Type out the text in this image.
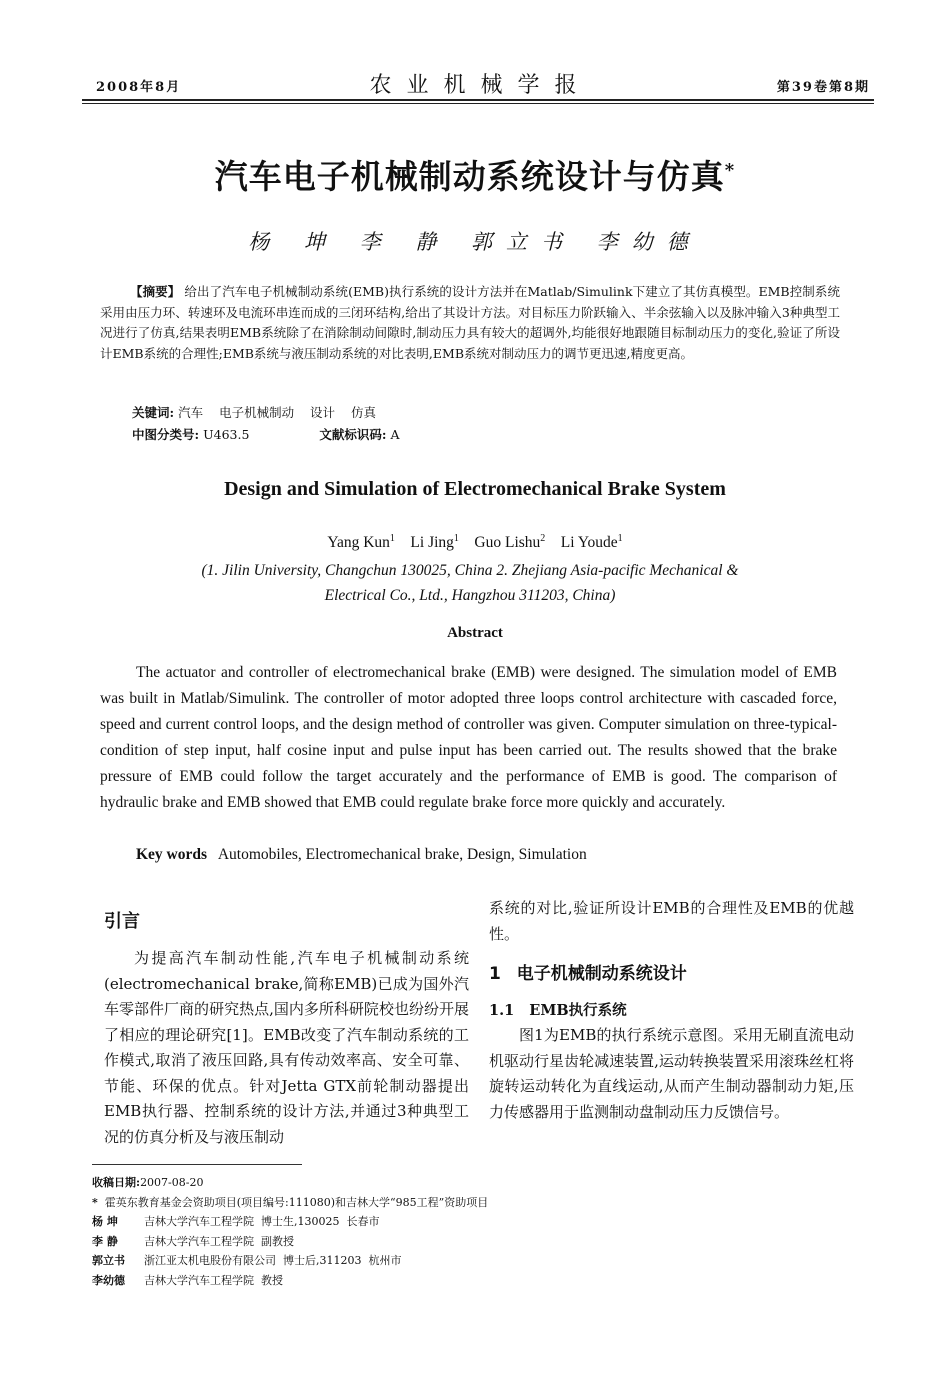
2008年8月	农 业 机 械 学 报	第39卷第8期
汽车电子机械制动系统设计与仿真*
杨 坤 李 静 郭立书 李幼德
【摘要】 给出了汽车电子机械制动系统(EMB)执行系统的设计方法并在Matlab/Simulink下建立了其仿真模型。EMB控制系统采用由压力环、转速环及电流环串连而成的三闭环结构,给出了其设计方法。对目标压力阶跃输入、半余弦输入以及脉冲输入3种典型工况进行了仿真,结果表明EMB系统除了在消除制动间隙时,制动压力具有较大的超调外,均能很好地跟随目标制动压力的变化,验证了所设计EMB系统的合理性;EMB系统与液压制动系统的对比表明,EMB系统对制动压力的调节更迅速,精度更高。
关键词: 汽车 电子机械制动 设计 仿真
中图分类号: U463.5	文献标识码: A
Design and Simulation of Electromechanical Brake System
Yang Kun$^1$ Li Jing$^1$ Guo Lishu$^2$ Li Youde$^1$
(1. Jilin University, Changchun 130025, China 2. Zhejiang Asia-pacific Mechanical &
Electrical Co., Ltd., Hangzhou 311203, China)
Abstract
The actuator and controller of electromechanical brake (EMB) were designed. The simulation model of EMB was built in Matlab/Simulink. The controller of motor adopted three loops control architecture with cascaded force, speed and current control loops, and the design method of controller was given. Computer simulation on three-typical-condition of step input, half cosine input and pulse input has been carried out. The results showed that the brake pressure of EMB could follow the target accurately and the performance of EMB is good. The comparison of hydraulic brake and EMB showed that EMB could regulate brake force more quickly and accurately.
Key words Automobiles, Electromechanical brake, Design, Simulation
引言
为提高汽车制动性能,汽车电子机械制动系统(electromechanical brake,简称EMB)已成为国外汽车零部件厂商的研究热点,国内多所科研院校也纷纷开展了相应的理论研究[1]。EMB改变了汽车制动系统的工作模式,取消了液压回路,具有传动效率高、安全可靠、节能、环保的优点。针对Jetta GTX前轮制动器提出EMB执行器、控制系统的设计方法,并通过3种典型工况的仿真分析及与液压制动
系统的对比,验证所设计EMB的合理性及EMB的优越性。
1 电子机械制动系统设计
1.1 EMB执行系统
图1为EMB的执行系统示意图。采用无刷直流电动机驱动行星齿轮减速装置,运动转换装置采用滚珠丝杠将旋转运动转化为直线运动,从而产生制动器制动力矩,压力传感器用于监测制动盘制动压力反馈信号。
收稿日期:2007-08-20
* 霍英东教育基金会资助项目(项目编号:111080)和吉林大学“985工程”资助项目
杨 坤 吉林大学汽车工程学院  博士生,130025  长春市
李 静 吉林大学汽车工程学院  副教授
郭立书 浙江亚太机电股份有限公司  博士后,311203  杭州市
李幼德 吉林大学汽车工程学院  教授
